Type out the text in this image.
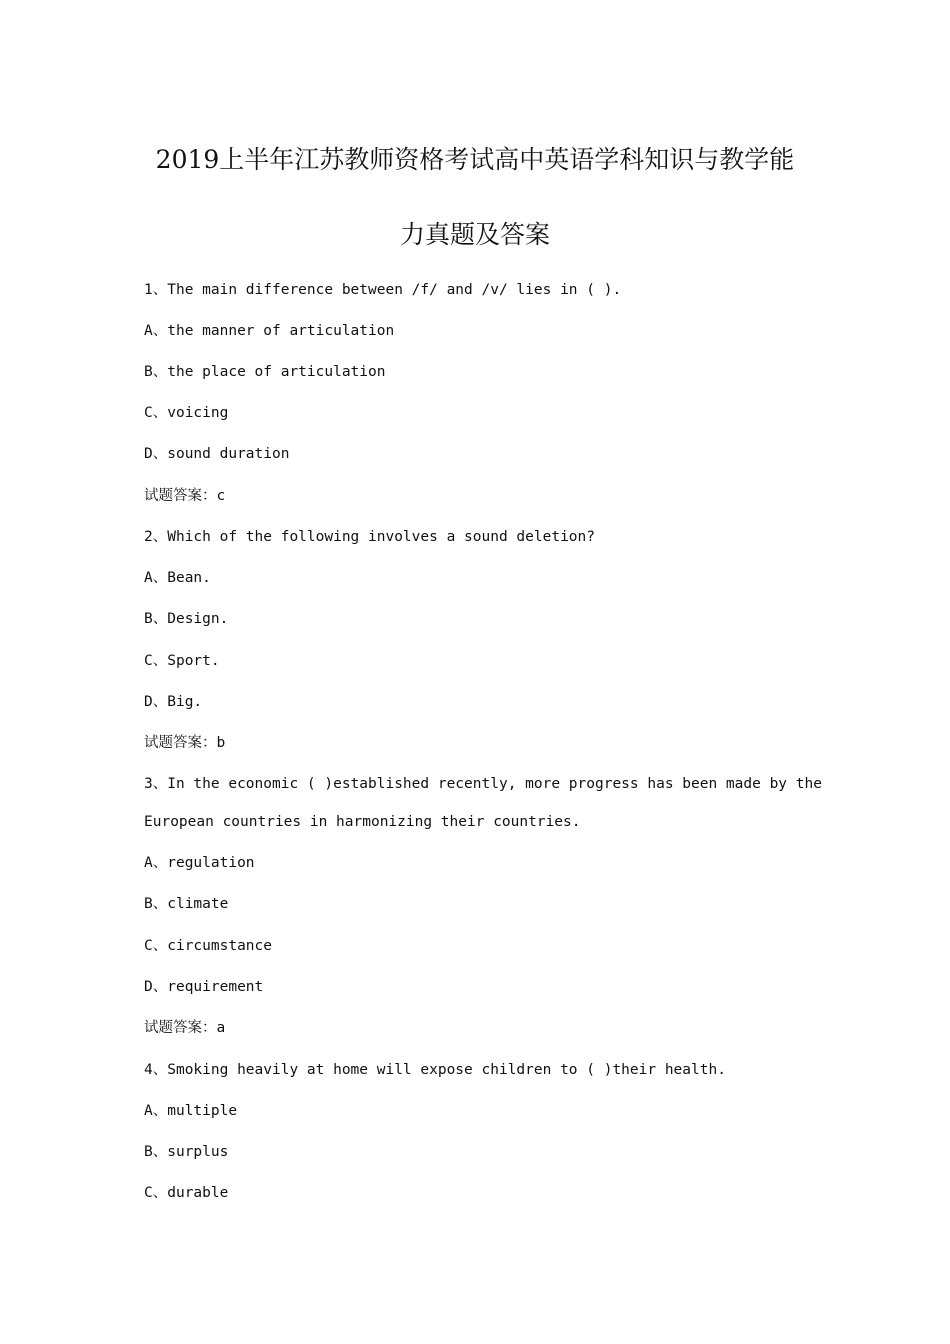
2019上半年江苏教师资格考试高中英语学科知识与教学能
力真题及答案
1、The main difference between /f/ and /v/ lies in ( ).
A、the manner of articulation
B、the place of articulation
C、voicing
D、sound duration
试题答案：c
2、Which of the following involves a sound deletion?
A、Bean.
B、Design.
C、Sport.
D、Big.
试题答案：b
3、In the economic ( )established recently, more progress has been made by the
European countries in harmonizing their countries.
A、regulation
B、climate
C、circumstance
D、requirement
试题答案：a
4、Smoking heavily at home will expose children to ( )their health.
A、multiple
B、surplus
C、durable
